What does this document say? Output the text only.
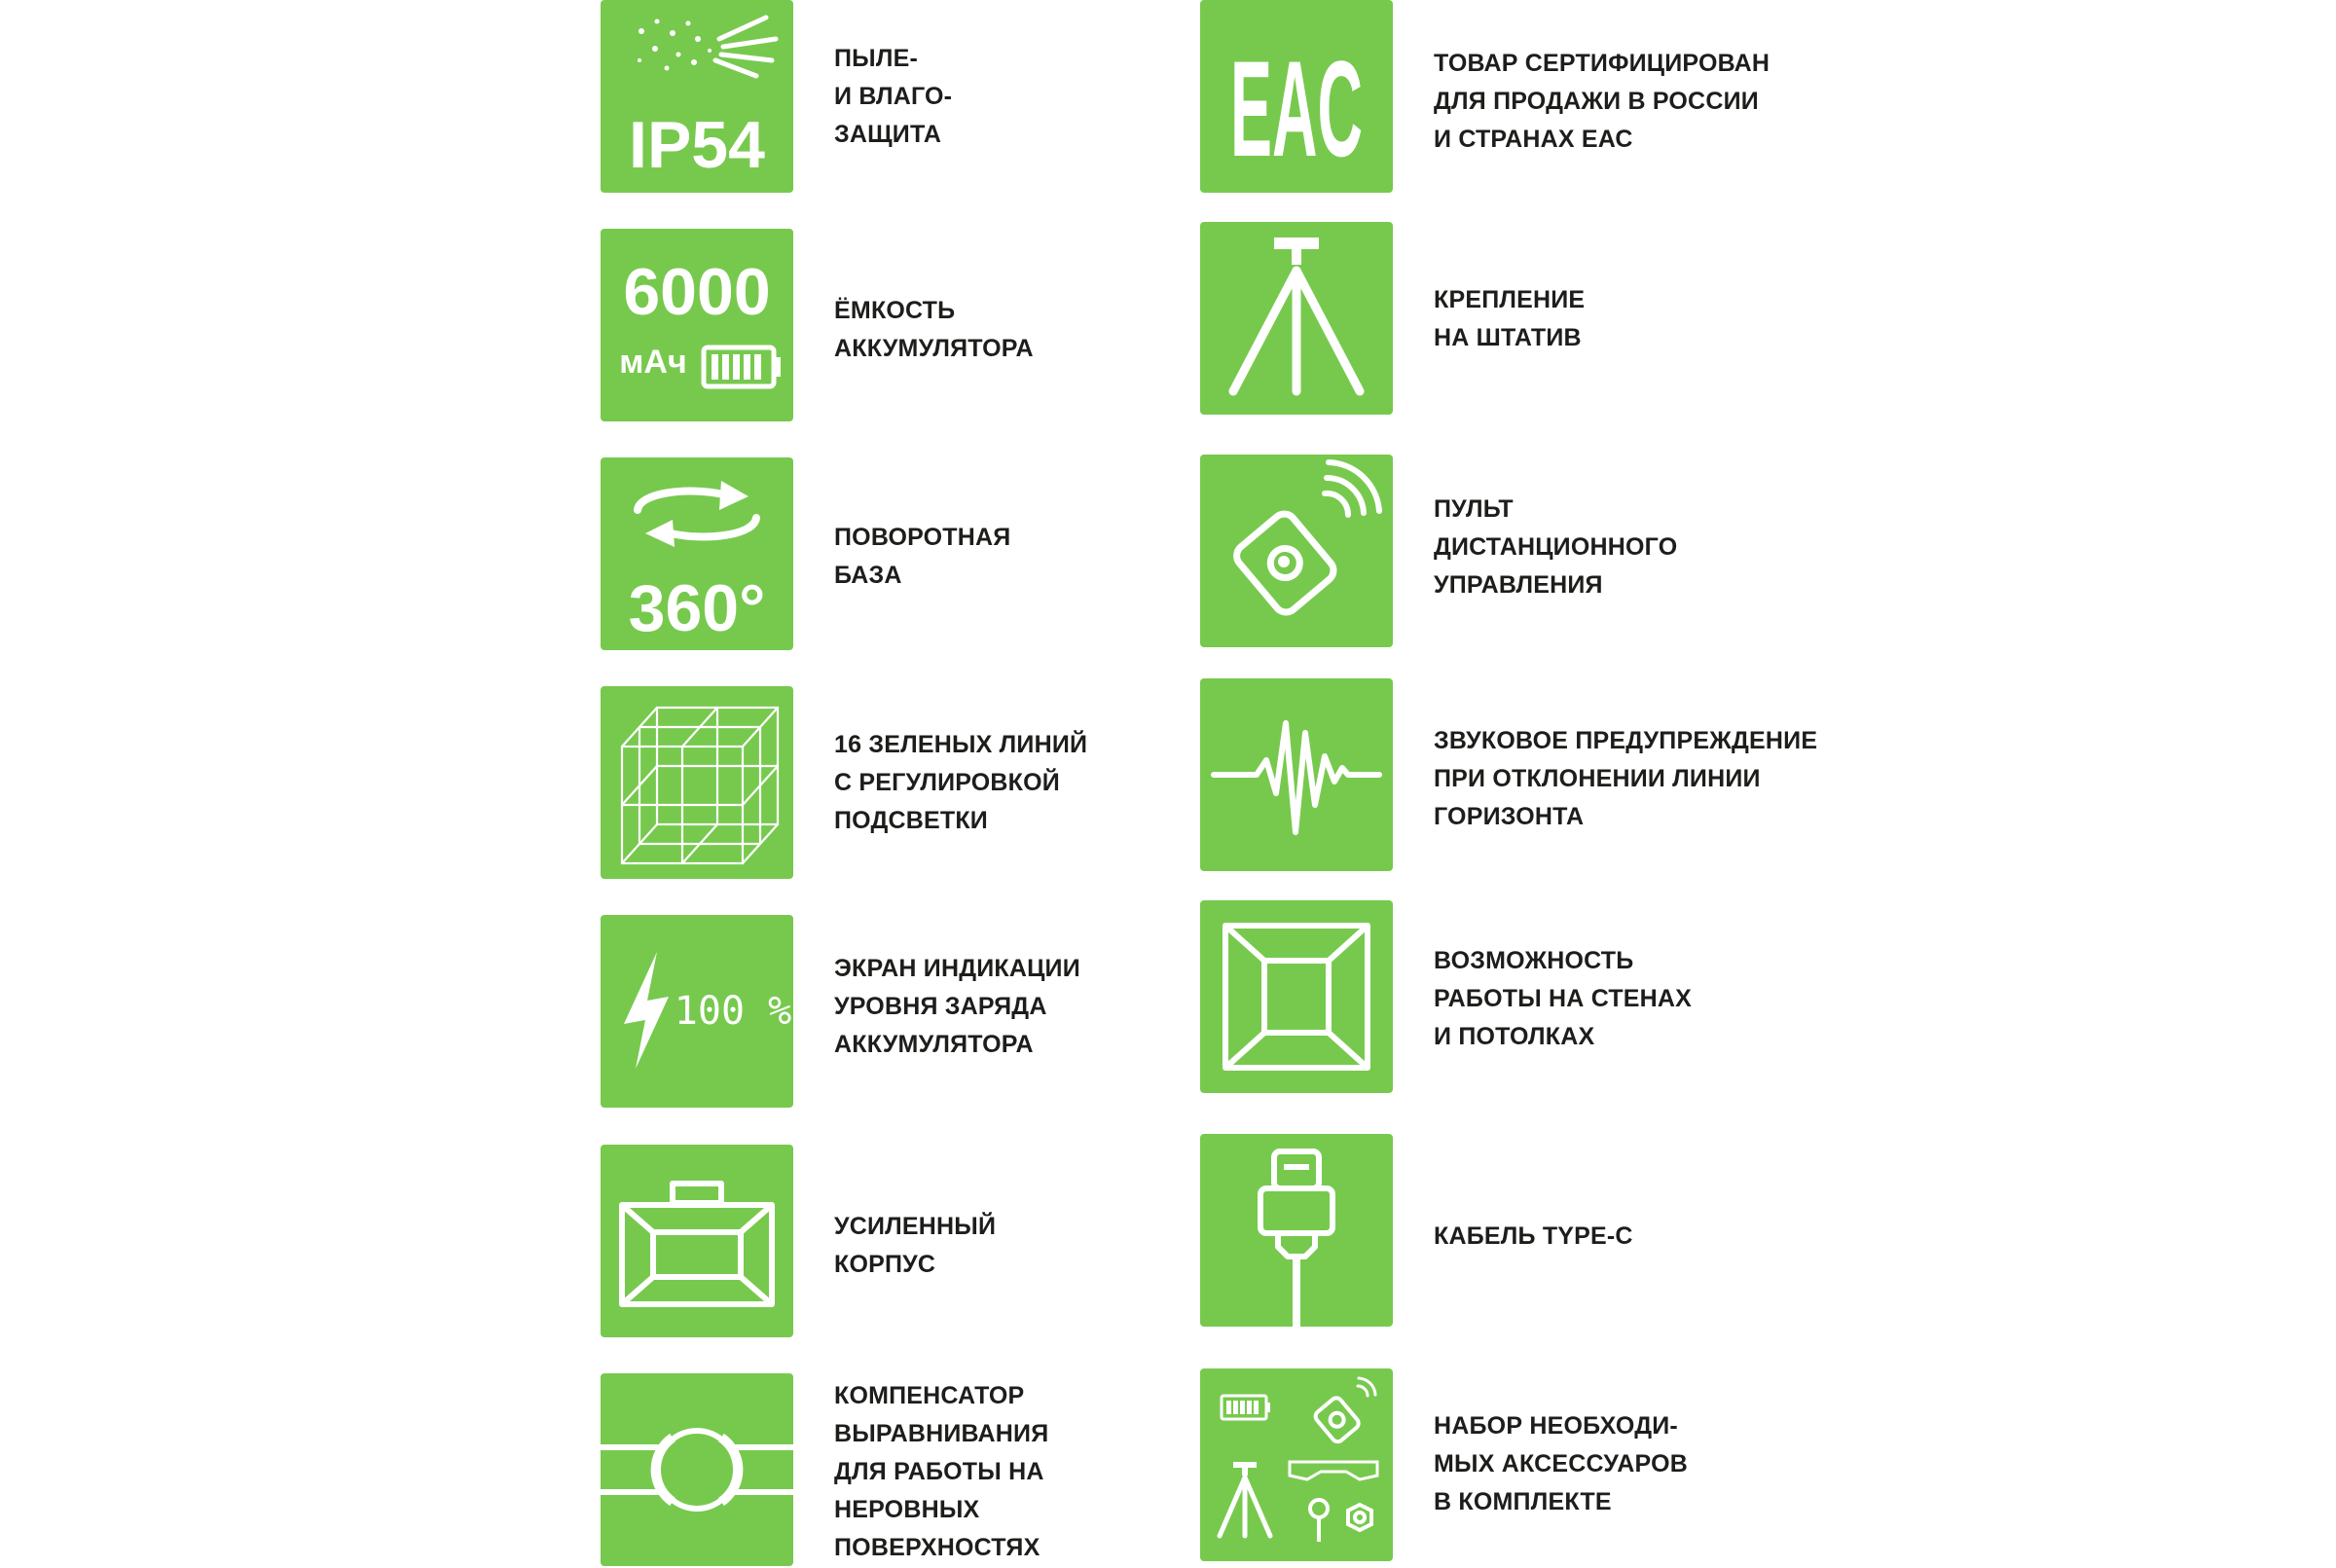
IP54
ПЫЛЕ-
И ВЛАГО-
ЗАЩИТА
6000
мАч
ЁМКОСТЬ
АККУМУЛЯТОРА
360°
ПОВОРОТНАЯ
БАЗА
16 ЗЕЛЕНЫХ ЛИНИЙ
С РЕГУЛИРОВКОЙ
ПОДСВЕТКИ
100 %
ЭКРАН ИНДИКАЦИИ
УРОВНЯ ЗАРЯДА
АККУМУЛЯТОРА
УСИЛЕННЫЙ
КОРПУС
КОМПЕНСАТОР
ВЫРАВНИВАНИЯ
ДЛЯ РАБОТЫ НА
НЕРОВНЫХ
ПОВЕРХНОСТЯХ
EAC	ТОВАР СЕРТИФИЦИРОВАН
ДЛЯ ПРОДАЖИ В РОССИИ
И СТРАНАХ ЕАС
КРЕПЛЕНИЕ
НА ШТАТИВ
ПУЛЬТ
ДИСТАНЦИОННОГО
УПРАВЛЕНИЯ
ЗВУКОВОЕ ПРЕДУПРЕЖДЕНИЕ
ПРИ ОТКЛОНЕНИИ ЛИНИИ
ГОРИЗОНТА
ВОЗМОЖНОСТЬ
РАБОТЫ НА СТЕНАХ
И ПОТОЛКАХ
КАБЕЛЬ TYPE-C
НАБОР НЕОБХОДИ-
МЫХ АКСЕССУАРОВ
В КОМПЛЕКТЕ
